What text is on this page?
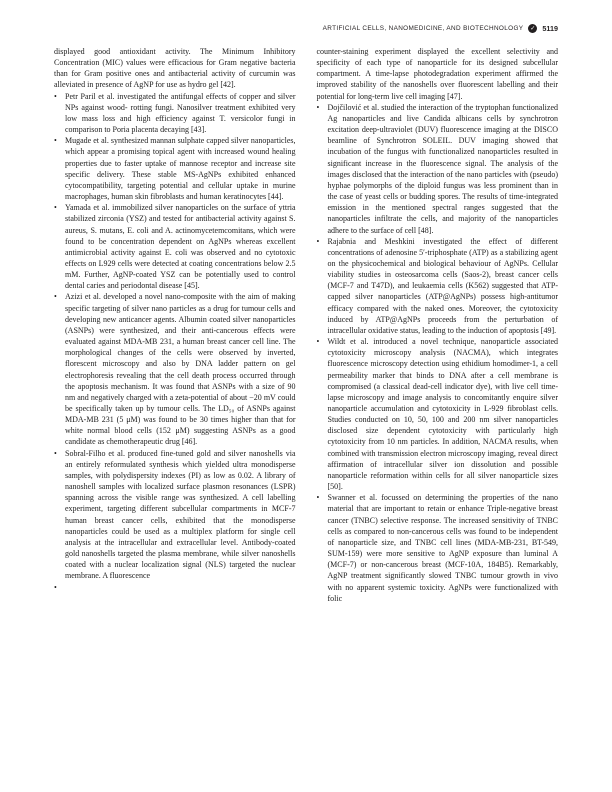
ARTIFICIAL CELLS, NANOMEDICINE, AND BIOTECHNOLOGY ✓ 5119

displayed good antioxidant activity. The Minimum Inhibitory Concentration (MIC) values were efficacious for Gram negative bacteria than for Gram positive ones and antibacterial activity of curcumin was alleviated in presence of AgNP for use as hydro gel [42].

•	Petr Paril et al. investigated the antifungal effects of copper and silver NPs against wood- rotting fungi. Nanosilver treatment exhibited very low mass loss and high efficiency against T. versicolor fungi in comparison to Poria placenta decaying [43].

•	Mugade et al. synthesized mannan sulphate capped silver nanoparticles, which appear a promising topical agent with increased wound healing properties due to faster uptake of mannose receptor and increase site specific delivery. These stable MS-AgNPs exhibited enhanced cytocompatibility, targeting potential and cellular uptake in murine macrophages, human skin fibroblasts and human keratinocytes [44].

•	Yamada et al. immobilized silver nanoparticles on the surface of yttria stabilized zirconia (YSZ) and tested for antibacterial activity against S. aureus, S. mutans, E. coli and A. actinomycetemcomitans, which were found to be concentration dependent on AgNPs whereas excellent antimicrobial activity against E. coli was observed and no cytotoxic effects on L929 cells were detected at coating concentrations below 2.5 mM. Further, AgNP-coated YSZ can be potentially used to control dental caries and periodontal disease [45].

•	Azizi et al. developed a novel nano-composite with the aim of making specific targeting of silver nano particles as a drug for tumour cells and developing new anticancer agents. Albumin coated silver nanoparticles (ASNPs) were synthesized, and their anti-cancerous effects were evaluated against MDA-MB 231, a human breast cancer cell line. The morphological changes of the cells were observed by inverted, florescent microscopy and also by DNA ladder pattern on gel electrophoresis revealing that the cell death process occurred through the apoptosis mechanism. It was found that ASNPs with a size of 90 nm and negatively charged with a zeta-potential of about −20 mV could be specifically taken up by tumour cells. The LD₅₀ of ASNPs against MDA-MB 231 (5 μM) was found to be 30 times higher than that for white normal blood cells (152 μM) suggesting ASNPs as a good candidate as chemotherapeutic drug [46].

•	Sobral-Filho et al. produced fine-tuned gold and silver nanoshells via an entirely reformulated synthesis which yielded ultra monodisperse samples, with polydispersity indexes (PI) as low as 0.02. A library of nanoshell samples with localized surface plasmon resonances (LSPR) spanning across the visible range was synthesized. A cell labelling experiment, targeting different subcellular compartments in MCF-7 human breast cancer cells, exhibited that the monodisperse nanoparticles could be used as a multiplex platform for single cell analysis at the intracellular and extracellular level. Antibody-coated gold nanoshells targeted the plasma membrane, while silver nanoshells coated with a nuclear localization signal (NLS) targeted the nuclear membrane. A fluorescence

•

counter-staining experiment displayed the excellent selectivity and specificity of each type of nanoparticle for its designed subcellular compartment. A time-lapse photodegradation experiment affirmed the improved stability of the nanoshells over fluorescent labelling and their potential for long-term live cell imaging [47].

•	Dojčilović et al. studied the interaction of the tryptophan functionalized Ag nanoparticles and live Candida albicans cells by synchrotron excitation deep-ultraviolet (DUV) fluorescence imaging at the DISCO beamline of Synchrotron SOLEIL. DUV imaging showed that incubation of the fungus with functionalized nanoparticles resulted in significant increase in the fluorescence signal. The analysis of the images disclosed that the interaction of the nano particles with (pseudo) hyphae polymorphs of the diploid fungus was less prominent than in the case of yeast cells or budding spores. The results of time-integrated emission in the mentioned spectral ranges suggested that the nanoparticles infiltrate the cells, and majority of the nanoparticles adhere to the surface of cell [48].

•	Rajabnia and Meshkini investigated the effect of different concentrations of adenosine 5′-triphosphate (ATP) as a stabilizing agent on the physicochemical and biological behaviour of AgNPs. Cellular viability studies in osteosarcoma cells (Saos-2), breast cancer cells (MCF-7 and T47D), and leukaemia cells (K562) suggested that ATP-capped silver nanoparticles (ATP@AgNPs) possess high-antitumor efficacy compared with the naked ones. Moreover, the cytotoxicity induced by ATP@AgNPs proceeds from the perturbation of intracellular oxidative status, leading to the induction of apoptosis [49].

•	Wildt et al. introduced a novel technique, nanoparticle associated cytotoxicity microscopy analysis (NACMA), which integrates fluorescence microscopy detection using ethidium homodimer-1, a cell permeability marker that binds to DNA after a cell membrane is compromised (a classical dead-cell indicator dye), with live cell time-lapse microscopy and image analysis to concomitantly enquire silver nanoparticle accumulation and cytotoxicity in L-929 fibroblast cells. Studies conducted on 10, 50, 100 and 200 nm silver nanoparticles disclosed size dependent cytotoxicity with particularly high cytotoxicity from 10 nm particles. In addition, NACMA results, when combined with transmission electron microscopy imaging, reveal direct affirmation of intracellular silver ion dissolution and possible nanoparticle reformation within cells for all silver nanoparticle sizes [50].

•	Swanner et al. focussed on determining the properties of the nano material that are important to retain or enhance Triple-negative breast cancer (TNBC) selective response. The increased sensitivity of TNBC cells as compared to non-cancerous cells was found to be independent of nanoparticle size, and TNBC cell lines (MDA-MB-231, BT-549, SUM-159) were more sensitive to AgNP exposure than luminal A (MCF-7) or non-cancerous breast (MCF-10A, 184B5). Remarkably, AgNP treatment significantly slowed TNBC tumour growth in vivo with no apparent systemic toxicity. AgNPs were functionalized with folic
